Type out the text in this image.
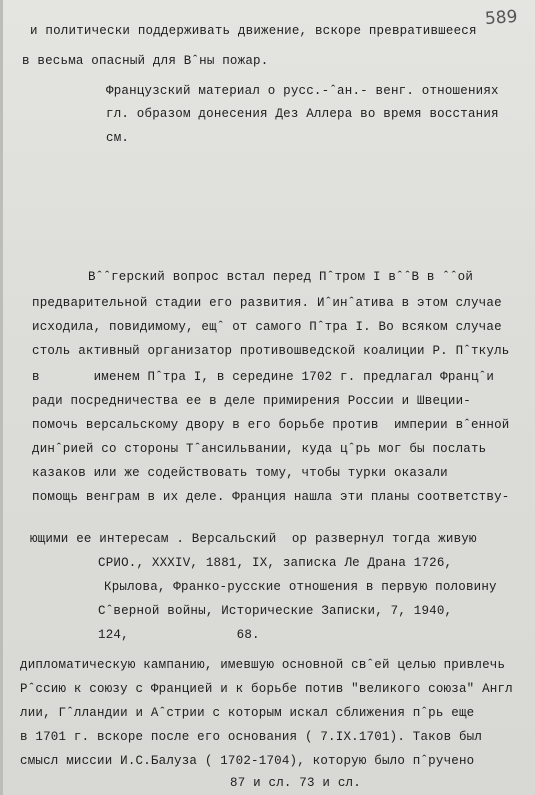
589
и политически поддерживать движение, вскоре превратившееся
в весьма опасный для Вˆны пожар.
Французский материал о русс.-ˆан.- венг. отношениях
гл. образом донесения Дез Аллера во время восстания
см.
Вˆˆгерский вопрос встал перед Пˆтром I вˆˆВ в ˆˆой
предварительной стадии его развития. Иˆинˆатива в этом случае
исходила, повидимому, ещˆ от самого Пˆтра I. Во всяком случае
столь активный организатор противошведской коалиции Р. Пˆткуль
в       именем Пˆтра I, в середине 1702 г. предлагал Францˆи
ради посредничества ее в деле примирения России и Швеции-
помочь версальскому двору в его борьбе против  империи вˆенной
динˆрией со стороны Тˆансильвании, куда цˆрь мог бы послать
казаков или же содействовать тому, чтобы турки оказали
помощь венграм в их деле. Франция нашла эти планы соответству-
ющими ее интересам . Версальский  ор развернул тогда живую
СРИО., XXXIV, 1881, IX, записка Ле Драна 1726,
Крылова, Франко-русские отношения в первую половину
Сˆверной войны, Исторические Записки, 7, 1940,
124,              68.
дипломатическую кампанию, имевшую основной свˆей целью привлечь
Рˆссию к союзу с Францией и к борьбе потив "великого союза" Англ
лии, Гˆлландии и Аˆстрии с которым искал сближения пˆрь еще
в 1701 г. вскоре после его основания ( 7.IX.1701). Таков был
смысл миссии И.С.Балуза ( 1702-1704), которую было пˆручено
87 и сл. 73 и сл.
